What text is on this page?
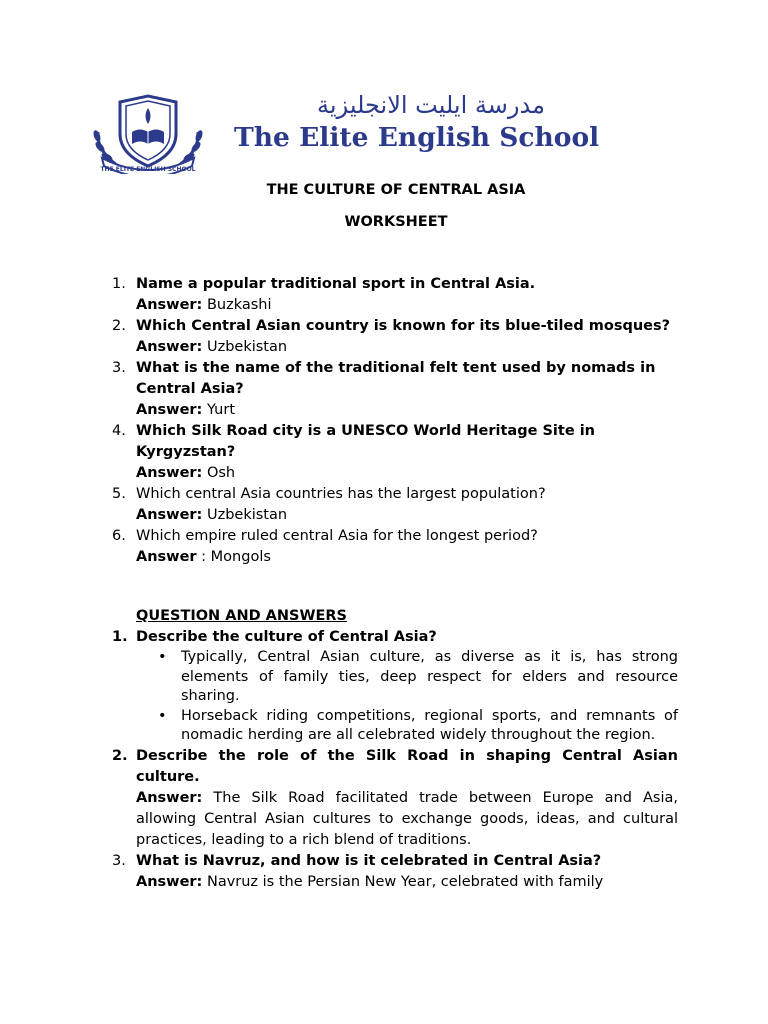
THE ELITE ENGLISH SCHOOL
مدرسة ايليت الانجليزية
The Elite English School
THE CULTURE OF CENTRAL ASIA
WORKSHEET
1. Name a popular traditional sport in Central Asia.
Answer: Buzkashi
2. Which Central Asian country is known for its blue-tiled mosques?
Answer: Uzbekistan
3. What is the name of the traditional felt tent used by nomads in Central Asia?
Answer: Yurt
4. Which Silk Road city is a UNESCO World Heritage Site in Kyrgyzstan?
Answer: Osh
5. Which central Asia countries has the largest population?
Answer: Uzbekistan
6. Which empire ruled central Asia for the longest period?
Answer : Mongols
QUESTION AND ANSWERS
1. Describe the culture of Central Asia?
• Typically, Central Asian culture, as diverse as it is, has strong elements of family ties, deep respect for elders and resource sharing.
• Horseback riding competitions, regional sports, and remnants of nomadic herding are all celebrated widely throughout the region.
2. Describe the role of the Silk Road in shaping Central Asian culture.
Answer: The Silk Road facilitated trade between Europe and Asia, allowing Central Asian cultures to exchange goods, ideas, and cultural practices, leading to a rich blend of traditions.
3. What is Navruz, and how is it celebrated in Central Asia?
Answer: Navruz is the Persian New Year, celebrated with family
